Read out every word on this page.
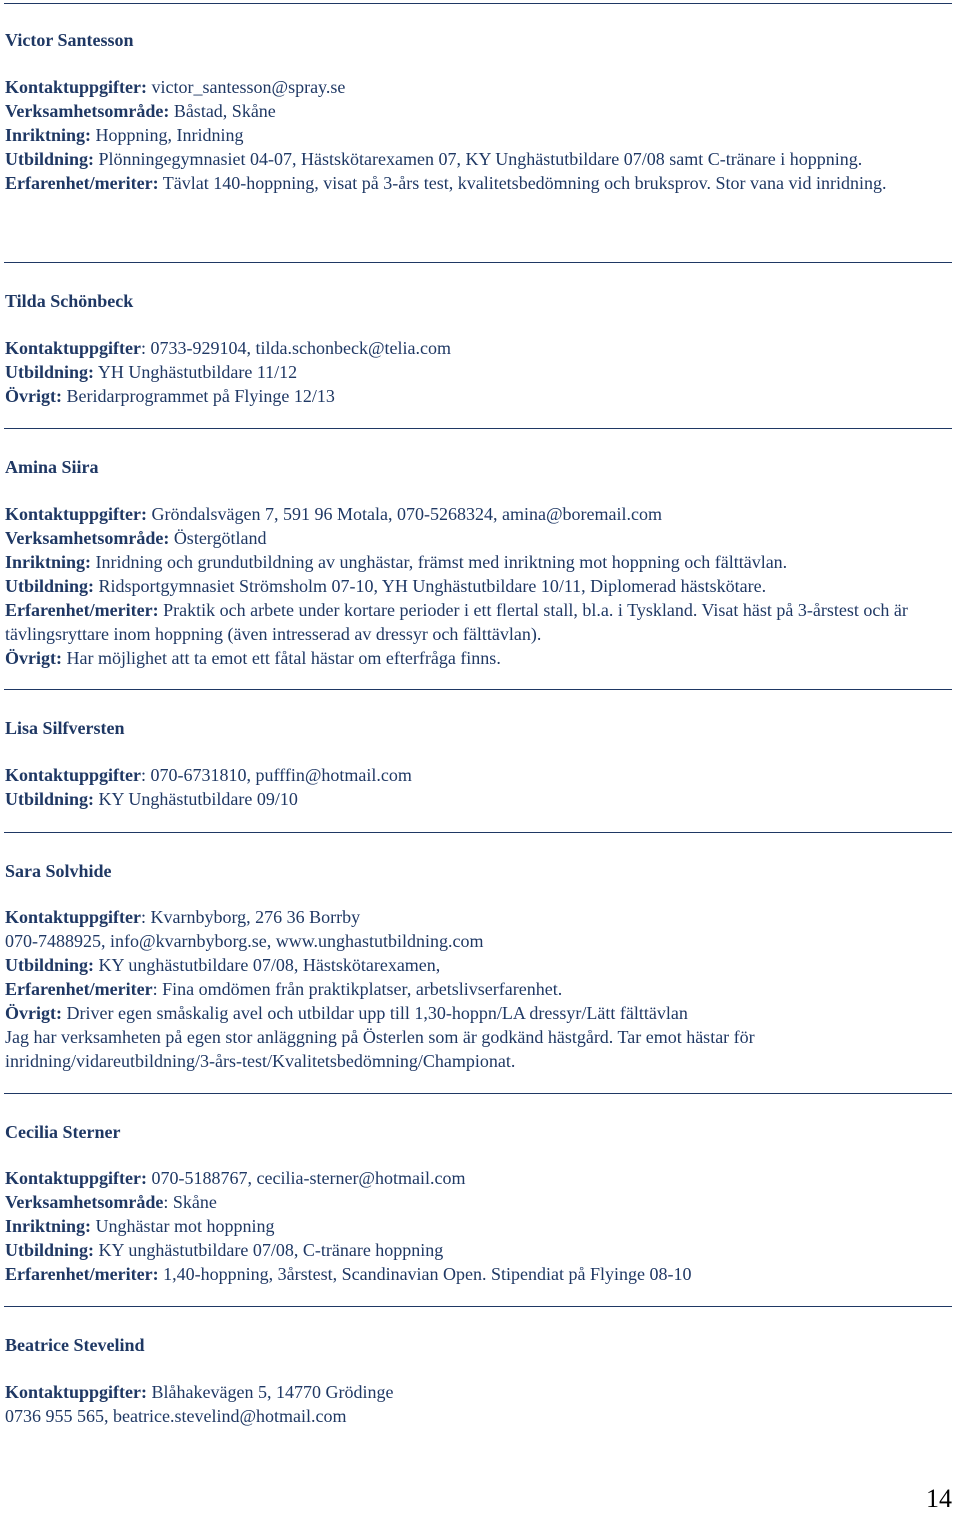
Victor Santesson
Kontaktuppgifter: victor_santesson@spray.se
Verksamhetsområde: Båstad, Skåne
Inriktning: Hoppning, Inridning
Utbildning: Plönningegymnasiet 04-07, Hästskötarexamen 07, KY Unghästutbildare 07/08 samt C-tränare i hoppning.
Erfarenhet/meriter: Tävlat 140-hoppning, visat på 3-års test, kvalitetsbedömning och bruksprov. Stor vana vid inridning.
Tilda Schönbeck
Kontaktuppgifter: 0733-929104, tilda.schonbeck@telia.com
Utbildning: YH Unghästutbildare 11/12
Övrigt: Beridarprogrammet på Flyinge 12/13
Amina Siira
Kontaktuppgifter: Gröndalsvägen 7, 591 96 Motala, 070-5268324, amina@boremail.com
Verksamhetsområde: Östergötland
Inriktning: Inridning och grundutbildning av unghästar, främst med inriktning mot hoppning och fälttävlan.
Utbildning: Ridsportgymnasiet Strömsholm 07-10, YH Unghästutbildare 10/11, Diplomerad hästskötare.
Erfarenhet/meriter: Praktik och arbete under kortare perioder i ett flertal stall, bl.a. i Tyskland. Visat häst på 3-årstest och är tävlingsryttare inom hoppning (även intresserad av dressyr och fälttävlan).
Övrigt: Har möjlighet att ta emot ett fåtal hästar om efterfråga finns.
Lisa Silfversten
Kontaktuppgifter: 070-6731810, pufffin@hotmail.com
Utbildning: KY Unghästutbildare 09/10
Sara Solvhide
Kontaktuppgifter: Kvarnbyborg, 276 36 Borrby
070-7488925, info@kvarnbyborg.se, www.unghastutbildning.com
Utbildning: KY unghästutbildare 07/08, Hästskötarexamen,
Erfarenhet/meriter: Fina omdömen från praktikplatser, arbetslivserfarenhet.
Övrigt: Driver egen småskalig avel och utbildar upp till 1,30-hoppn/LA dressyr/Lätt fälttävlan
Jag har verksamheten på egen stor anläggning på Österlen som är godkänd hästgård. Tar emot hästar för inridning/vidareutbildning/3-års-test/Kvalitetsbedömning/Championat.
Cecilia Sterner
Kontaktuppgifter: 070-5188767, cecilia-sterner@hotmail.com
Verksamhetsområde: Skåne
Inriktning: Unghästar mot hoppning
Utbildning: KY unghästutbildare 07/08, C-tränare hoppning
Erfarenhet/meriter: 1,40-hoppning, 3årstest, Scandinavian Open. Stipendiat på Flyinge 08-10
Beatrice Stevelind
Kontaktuppgifter: Blåhakevägen 5, 14770 Grödinge
0736 955 565, beatrice.stevelind@hotmail.com
14
